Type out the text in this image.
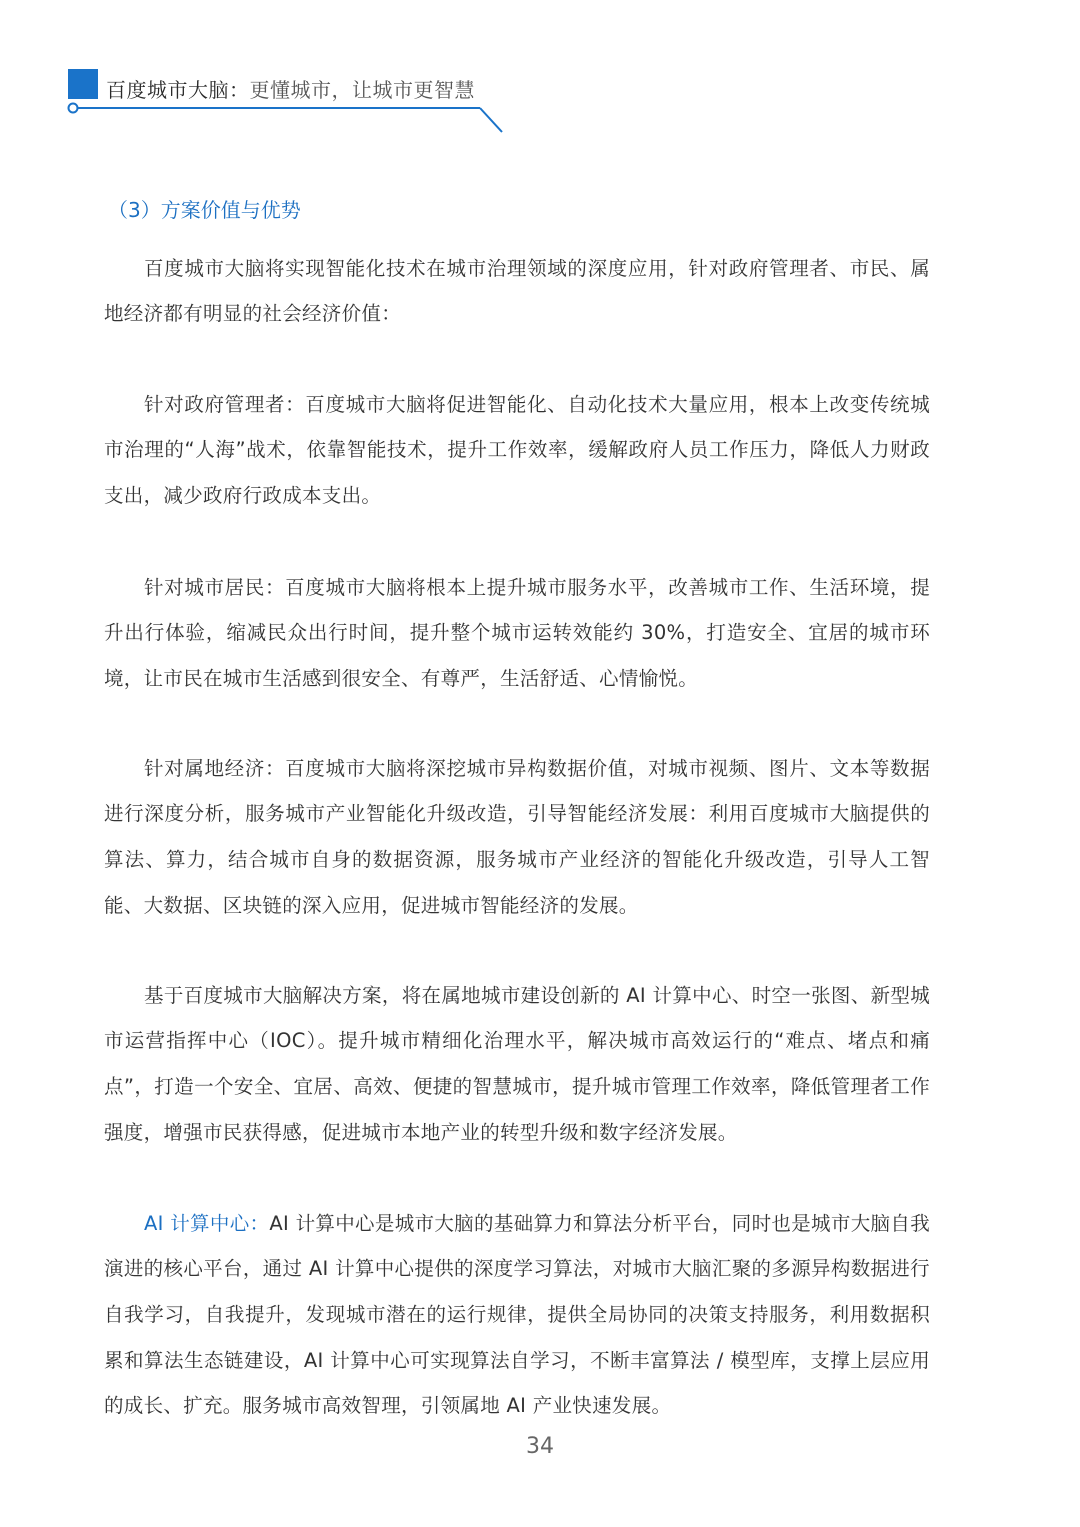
百度城市大脑：更懂城市，让城市更智慧
（3）方案价值与优势

百度城市大脑将实现智能化技术在城市治理领域的深度应用，针对政府管理者、市民、属地经济都有明显的社会经济价值：

针对政府管理者：百度城市大脑将促进智能化、自动化技术大量应用，根本上改变传统城市治理的“人海”战术，依靠智能技术，提升工作效率，缓解政府人员工作压力，降低人力财政支出，减少政府行政成本支出。

针对城市居民：百度城市大脑将根本上提升城市服务水平，改善城市工作、生活环境，提升出行体验，缩减民众出行时间，提升整个城市运转效能约 30%，打造安全、宜居的城市环境，让市民在城市生活感到很安全、有尊严，生活舒适、心情愉悦。

针对属地经济：百度城市大脑将深挖城市异构数据价值，对城市视频、图片、文本等数据进行深度分析，服务城市产业智能化升级改造，引导智能经济发展：利用百度城市大脑提供的算法、算力，结合城市自身的数据资源，服务城市产业经济的智能化升级改造，引导人工智能、大数据、区块链的深入应用，促进城市智能经济的发展。

基于百度城市大脑解决方案，将在属地城市建设创新的 AI 计算中心、时空一张图、新型城市运营指挥中心（IOC）。提升城市精细化治理水平，解决城市高效运行的“难点、堵点和痛点”，打造一个安全、宜居、高效、便捷的智慧城市，提升城市管理工作效率，降低管理者工作强度，增强市民获得感，促进城市本地产业的转型升级和数字经济发展。

AI 计算中心：AI 计算中心是城市大脑的基础算力和算法分析平台，同时也是城市大脑自我演进的核心平台，通过 AI 计算中心提供的深度学习算法，对城市大脑汇聚的多源异构数据进行自我学习，自我提升，发现城市潜在的运行规律，提供全局协同的决策支持服务，利用数据积累和算法生态链建设，AI 计算中心可实现算法自学习，不断丰富算法 / 模型库，支撑上层应用的成长、扩充。服务城市高效智理，引领属地 AI 产业快速发展。

34
